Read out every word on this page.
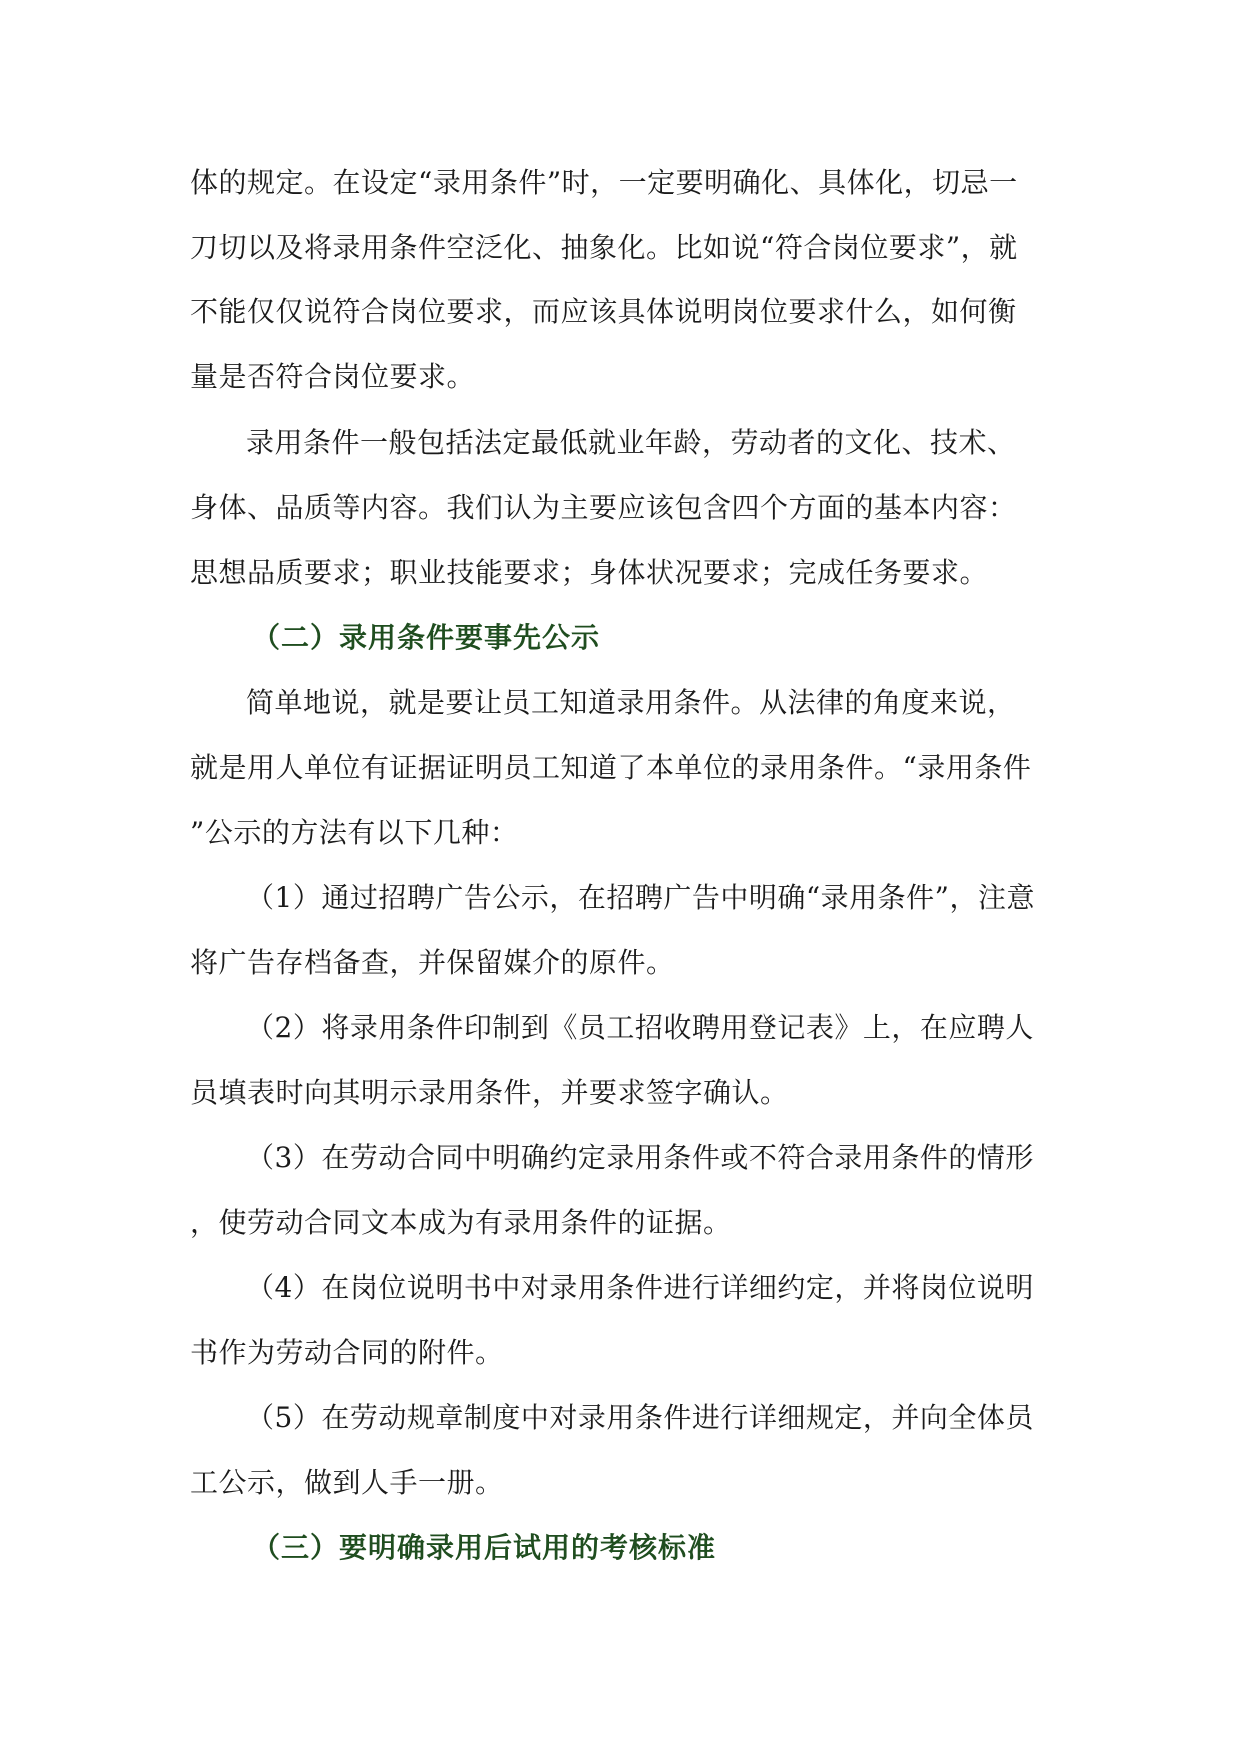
体的规定。在设定“录用条件”时，一定要明确化、具体化，切忌一
刀切以及将录用条件空泛化、抽象化。比如说“符合岗位要求”，就
不能仅仅说符合岗位要求，而应该具体说明岗位要求什么，如何衡
量是否符合岗位要求。
录用条件一般包括法定最低就业年龄，劳动者的文化、技术、
身体、品质等内容。我们认为主要应该包含四个方面的基本内容：
思想品质要求；职业技能要求；身体状况要求；完成任务要求。
（二）录用条件要事先公示
简单地说，就是要让员工知道录用条件。从法律的角度来说，
就是用人单位有证据证明员工知道了本单位的录用条件。“录用条件
”公示的方法有以下几种：
（1）通过招聘广告公示，在招聘广告中明确“录用条件”，注意
将广告存档备查，并保留媒介的原件。
（2）将录用条件印制到《员工招收聘用登记表》上，在应聘人
员填表时向其明示录用条件，并要求签字确认。
（3）在劳动合同中明确约定录用条件或不符合录用条件的情形
，使劳动合同文本成为有录用条件的证据。
（4）在岗位说明书中对录用条件进行详细约定，并将岗位说明
书作为劳动合同的附件。
（5）在劳动规章制度中对录用条件进行详细规定，并向全体员
工公示，做到人手一册。
（三）要明确录用后试用的考核标准
